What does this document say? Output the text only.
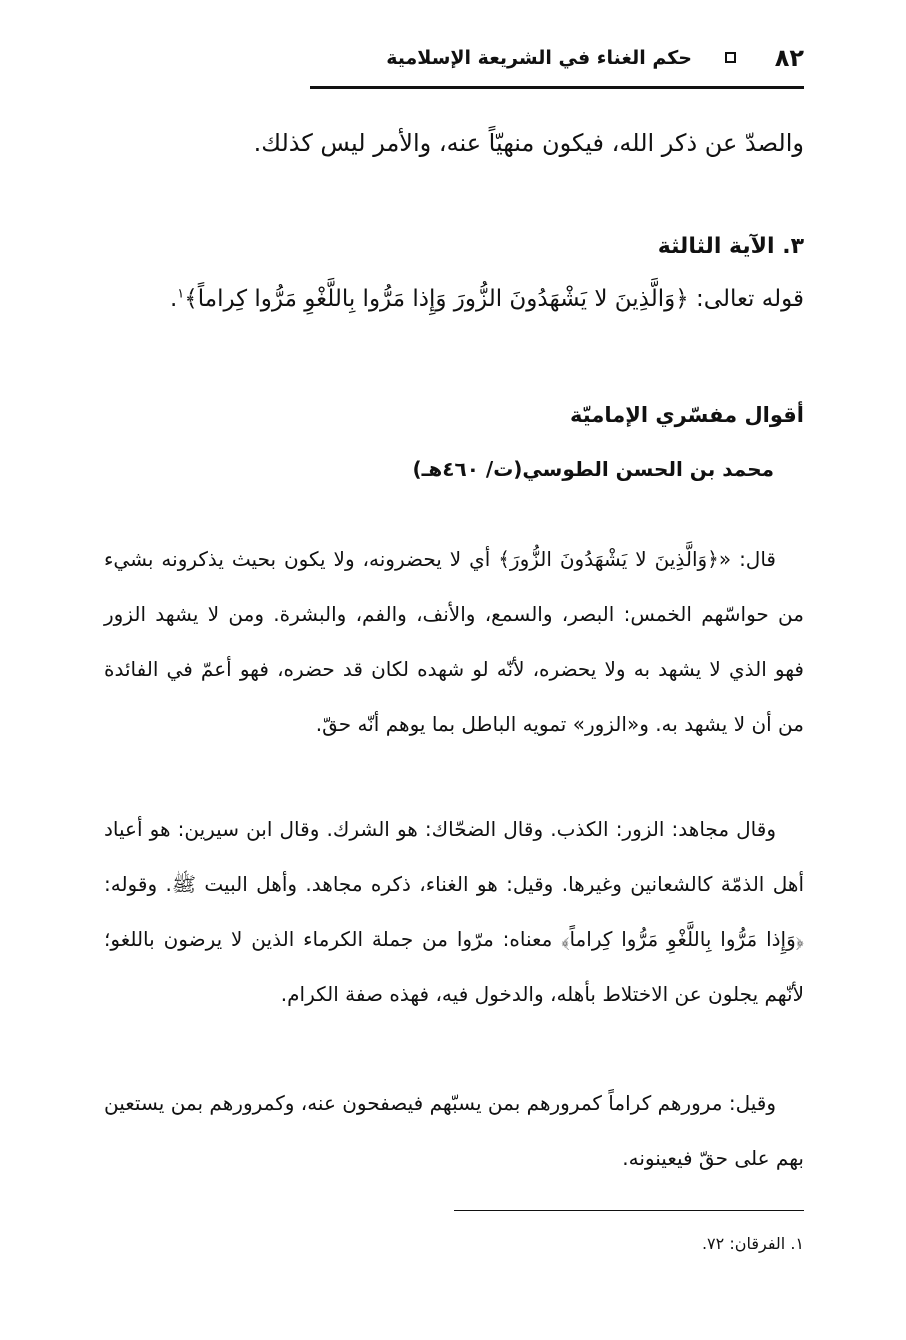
٨٢
حكم الغناء في الشريعة الإسلامية
والصدّ عن ذكر الله، فيكون منهيّاً عنه، والأمر ليس كذلك.
٣. الآية الثالثة
قوله تعالى: ﴿وَالَّذِينَ لا يَشْهَدُونَ الزُّورَ وَإِذا مَرُّوا بِاللَّغْوِ مَرُّوا كِراماً﴾$^١$.
أقوال مفسّري الإماميّة
محمد بن الحسن الطوسي(ت/ ٤٦٠هـ)

قال: «﴿وَالَّذِينَ لا يَشْهَدُونَ الزُّورَ﴾ أي لا يحضرونه، ولا يكون بحيث يذكرونه بشيء من حواسّهم الخمس: البصر، والسمع، والأنف، والفم، والبشرة. ومن لا يشهد الزور فهو الذي لا يشهد به ولا يحضره، لأنّه لو شهده لكان قد حضره، فهو أعمّ في الفائدة من أن لا يشهد به. و«الزور» تمويه الباطل بما يوهم أنّه حقّ.

وقال مجاهد: الزور: الكذب. وقال الضحّاك: هو الشرك. وقال ابن سيرين: هو أعياد أهل الذمّة كالشعانين وغيرها. وقيل: هو الغناء، ذكره مجاهد. وأهل البيت ﷺ. وقوله: ﴿وَإِذا مَرُّوا بِاللَّغْوِ مَرُّوا كِراماً﴾ معناه: مرّوا من جملة الكرماء الذين لا يرضون باللغو؛ لأنّهم يجلون عن الاختلاط بأهله، والدخول فيه، فهذه صفة الكرام.

وقيل: مرورهم كراماً كمرورهم بمن يسبّهم فيصفحون عنه، وكمرورهم بمن يستعين بهم على حقّ فيعينونه.

١. الفرقان: ٧٢.
